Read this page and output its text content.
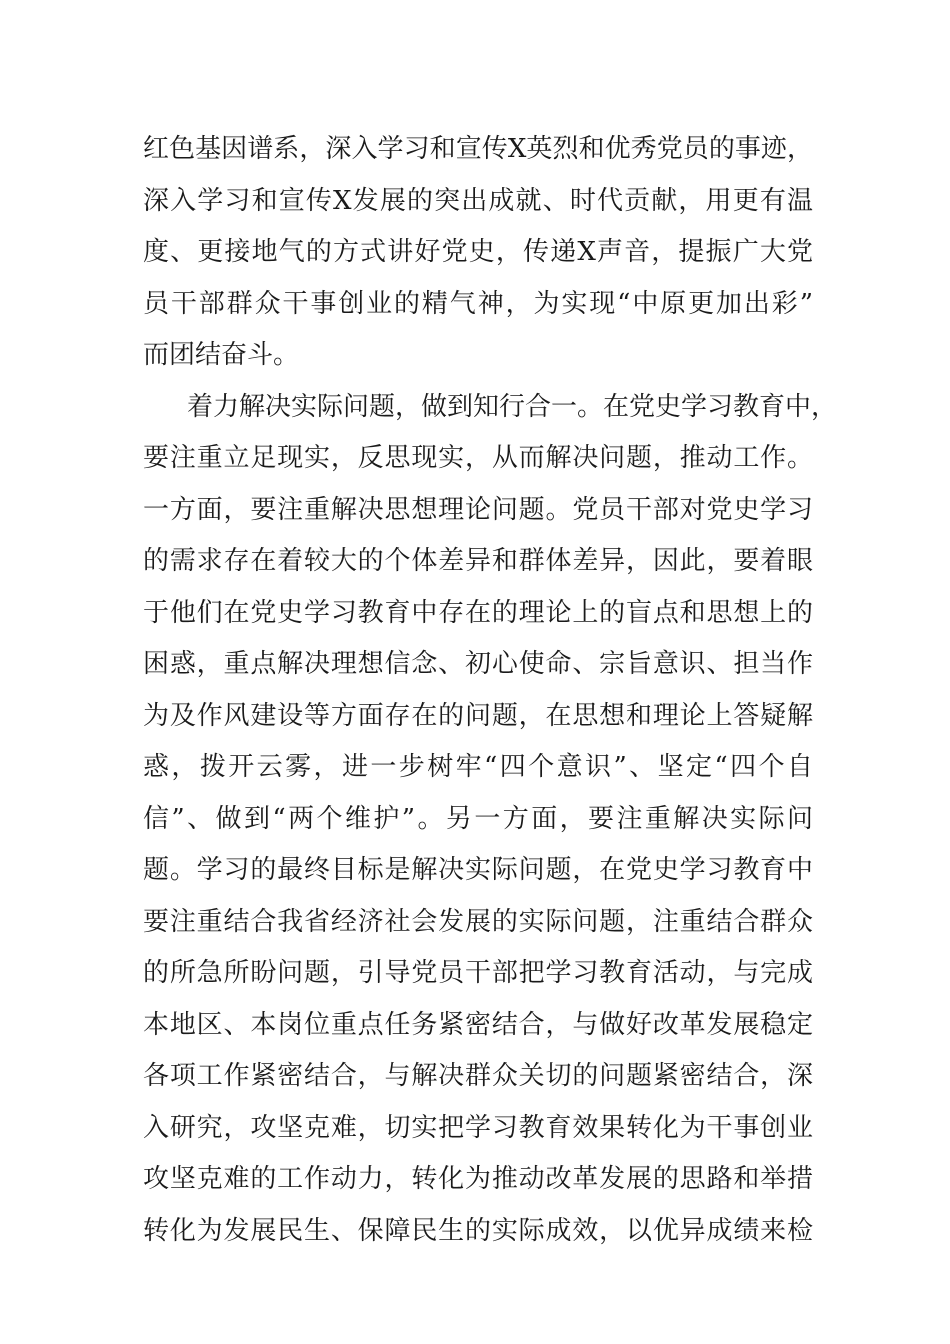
红色基因谱系，深入学习和宣传X英烈和优秀党员的事迹，
深入学习和宣传X发展的突出成就、时代贡献，用更有温
度、更接地气的方式讲好党史，传递X声音，提振广大党
员干部群众干事创业的精气神，为实现“中原更加出彩”
而团结奋斗。
着力解决实际问题，做到知行合一。在党史学习教育中，
要注重立足现实，反思现实，从而解决问题，推动工作。
一方面，要注重解决思想理论问题。党员干部对党史学习
的需求存在着较大的个体差异和群体差异，因此，要着眼
于他们在党史学习教育中存在的理论上的盲点和思想上的
困惑，重点解决理想信念、初心使命、宗旨意识、担当作
为及作风建设等方面存在的问题，在思想和理论上答疑解
惑，拨开云雾，进一步树牢“四个意识”、坚定“四个自
信”、做到“两个维护”。另一方面，要注重解决实际问
题。学习的最终目标是解决实际问题，在党史学习教育中
要注重结合我省经济社会发展的实际问题，注重结合群众
的所急所盼问题，引导党员干部把学习教育活动，与完成
本地区、本岗位重点任务紧密结合，与做好改革发展稳定
各项工作紧密结合，与解决群众关切的问题紧密结合，深
入研究，攻坚克难，切实把学习教育效果转化为干事创业
攻坚克难的工作动力，转化为推动改革发展的思路和举措
转化为发展民生、保障民生的实际成效，以优异成绩来检
